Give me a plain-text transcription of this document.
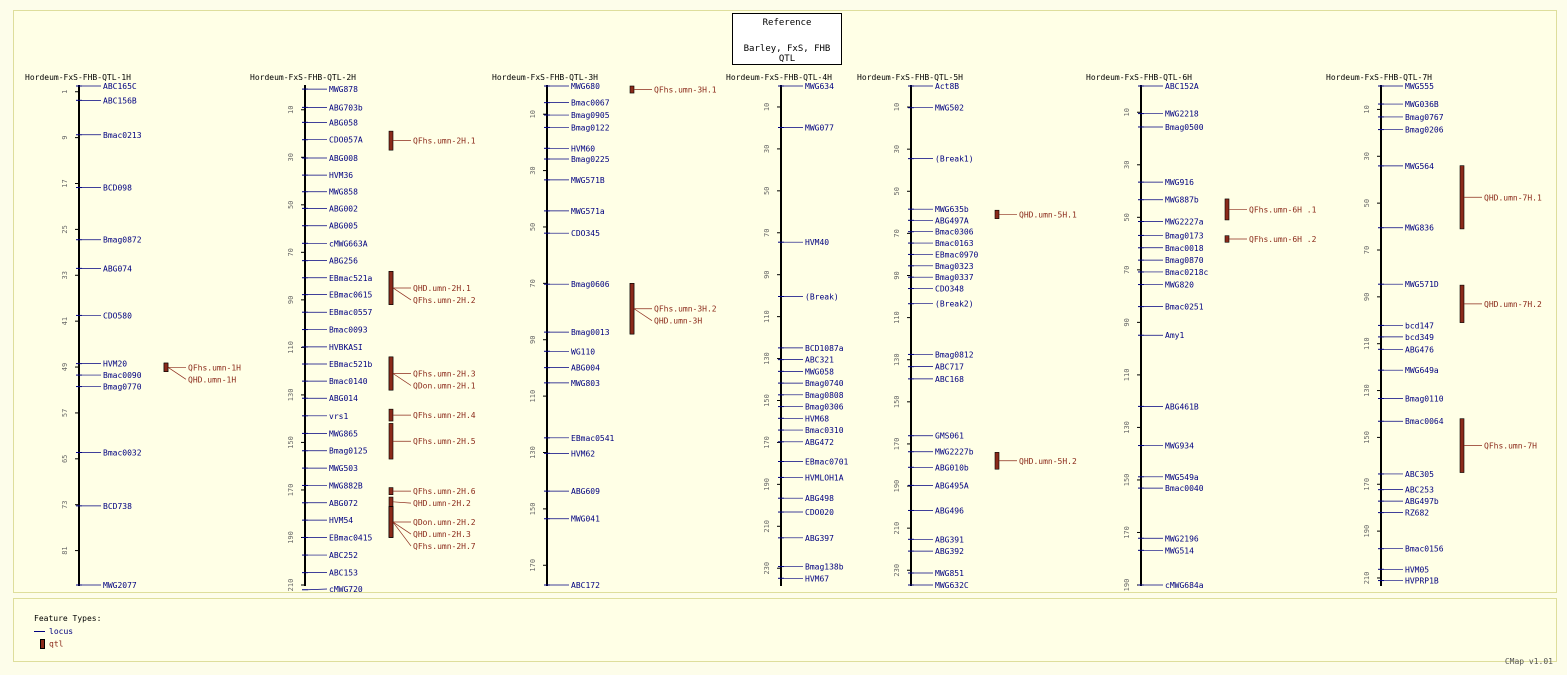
Reference
Barley, FxS, FHB QTL
Hordeum-FxS-FHB-QTL-1H
1
9
17
25
33
41
49
57
65
73
81
ABC165C
ABC156B
Bmac0213
BCD098
Bmag0872
ABG074
CDO580
HVM20
Bmac0090
Bmag0770
Bmac0032
BCD738
MWG2077
QFhs.umn-1H
QHD.umn-1H
Hordeum-FxS-FHB-QTL-2H
10
30
50
70
90
110
130
150
170
190
210
MWG878
ABG703b
ABG058
CDO057A
ABG008
HVM36
MWG858
ABG002
ABG005
cMWG663A
ABG256
EBmac521a
EBmac0615
EBmac0557
Bmac0093
HVBKASI
EBmac521b
Bmac0140
ABG014
vrs1
MWG865
Bmag0125
MWG503
MWG882B
ABG072
HVM54
EBmac0415
ABC252
ABC153
cMWG720
QFhs.umn-2H.1
QHD.umn-2H.1
QFhs.umn-2H.2
QFhs.umn-2H.3
QDon.umn-2H.1
QFhs.umn-2H.4
QFhs.umn-2H.5
QFhs.umn-2H.6
QHD.umn-2H.2
QDon.umn-2H.2
QHD.umn-2H.3
QFhs.umn-2H.7
Hordeum-FxS-FHB-QTL-3H
10
30
50
70
90
110
130
150
170
MWG680
Bmac0067
Bmag0905
Bmag0122
HVM60
Bmag0225
MWG571B
MWG571a
CDO345
Bmag0606
Bmag0013
WG110
ABG004
MWG803
EBmac0541
HVM62
ABG609
MWG041
ABC172
QFhs.umn-3H.1
QFhs.umn-3H.2
QHD.umn-3H
Hordeum-FxS-FHB-QTL-4H
10
30
50
70
90
110
130
150
170
190
210
230
MWG634
MWG077
HVM40
(Break)
BCD1087a
ABC321
MWG058
Bmag0740
Bmag0808
Bmag0306
HVM68
Bmac0310
ABG472
EBmac0701
HVMLOH1A
ABG498
CDO020
ABG397
Bmag138b
HVM67
Hordeum-FxS-FHB-QTL-5H
10
30
50
70
90
110
130
150
170
190
210
230
Act8B
MWG502
(Break1)
MWG635b
ABG497A
Bmac0306
Bmac0163
EBmac0970
Bmag0323
Bmag0337
CDO348
(Break2)
Bmag0812
ABC717
ABC168
GMS061
MWG2227b
ABG010b
ABG495A
ABG496
ABG391
ABG392
MWG851
MWG632C
QHD.umn-5H.1
QHD.umn-5H.2
Hordeum-FxS-FHB-QTL-6H
10
30
50
70
90
110
130
150
170
190
ABC152A
MWG2218
Bmag0500
MWG916
MWG887b
MWG2227a
Bmag0173
Bmac0018
Bmag0870
Bmac0218c
MWG820
Bmac0251
Amy1
ABG461B
MWG934
MWG549a
Bmac0040
MWG2196
MWG514
cMWG684a
QFhs.umn-6H .1
QFhs.umn-6H .2
Hordeum-FxS-FHB-QTL-7H
10
30
50
70
90
110
130
150
170
190
210
MWG555
MWG036B
Bmag0767
Bmag0206
MWG564
MWG836
MWG571D
bcd147
bcd349
ABG476
MWG649a
Bmag0110
Bmac0064
ABC305
ABC253
ABG497b
RZ682
Bmac0156
HVM05
HVPRP1B
QHD.umn-7H.1
QHD.umn-7H.2
QFhs.umn-7H
Feature Types:
locus
qtl
CMap v1.01
